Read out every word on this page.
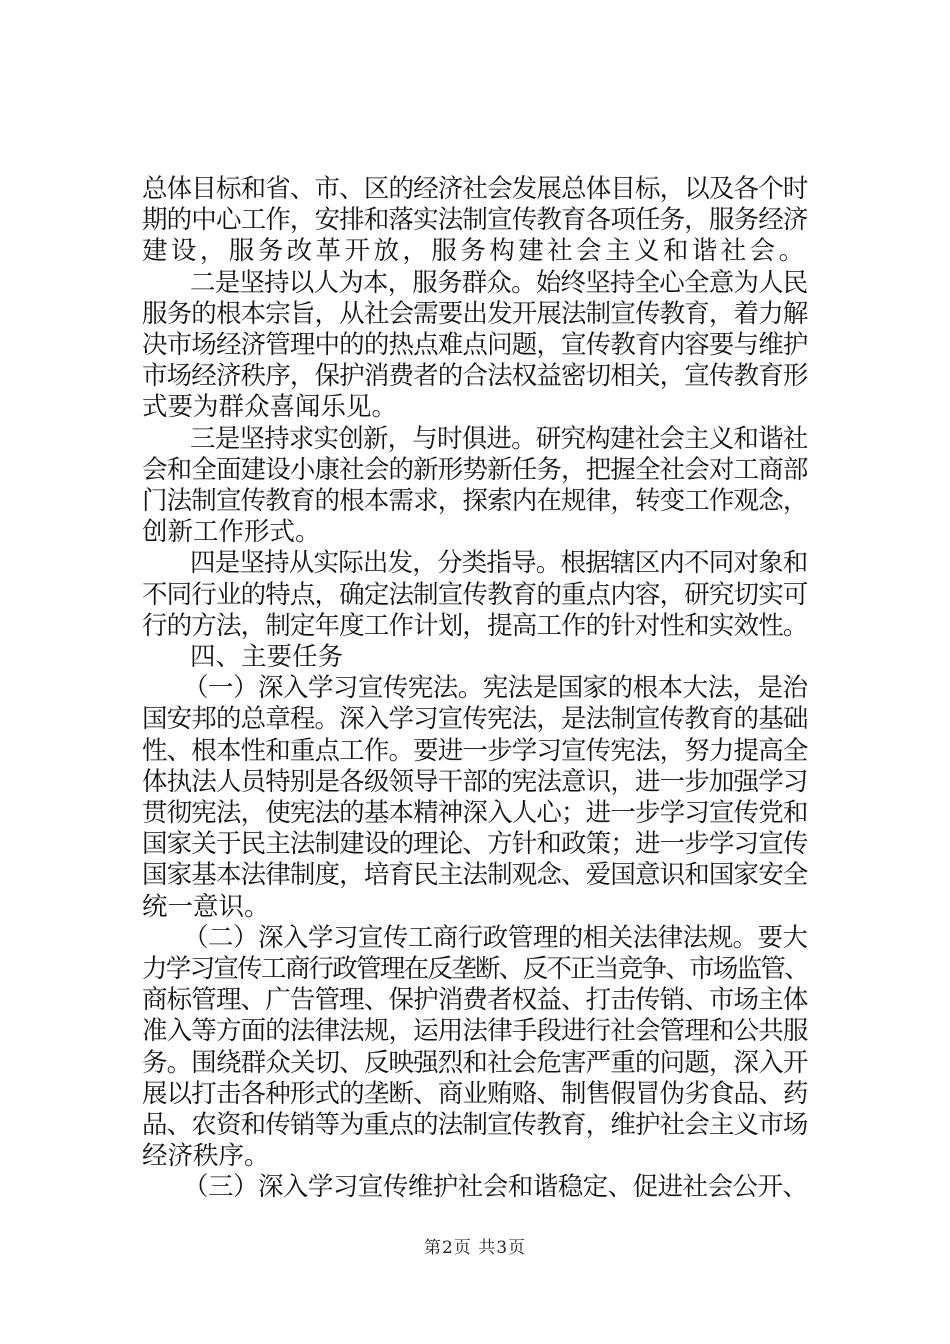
总体目标和省、市、区的经济社会发展总体目标，以及各个时
期的中心工作，安排和落实法制宣传教育各项任务，服务经济
建设，服务改革开放，服务构建社会主义和谐社会。
二是坚持以人为本，服务群众。始终坚持全心全意为人民
服务的根本宗旨，从社会需要出发开展法制宣传教育，着力解
决市场经济管理中的的热点难点问题，宣传教育内容要与维护
市场经济秩序，保护消费者的合法权益密切相关，宣传教育形
式要为群众喜闻乐见。
三是坚持求实创新，与时俱进。研究构建社会主义和谐社
会和全面建设小康社会的新形势新任务，把握全社会对工商部
门法制宣传教育的根本需求，探索内在规律，转变工作观念，
创新工作形式。
四是坚持从实际出发，分类指导。根据辖区内不同对象和
不同行业的特点，确定法制宣传教育的重点内容，研究切实可
行的方法，制定年度工作计划，提高工作的针对性和实效性。
四、主要任务
（一）深入学习宣传宪法。宪法是国家的根本大法，是治
国安邦的总章程。深入学习宣传宪法，是法制宣传教育的基础
性、根本性和重点工作。要进一步学习宣传宪法，努力提高全
体执法人员特别是各级领导干部的宪法意识，进一步加强学习
贯彻宪法，使宪法的基本精神深入人心；进一步学习宣传党和
国家关于民主法制建设的理论、方针和政策；进一步学习宣传
国家基本法律制度，培育民主法制观念、爱国意识和国家安全
统一意识。
（二）深入学习宣传工商行政管理的相关法律法规。要大
力学习宣传工商行政管理在反垄断、反不正当竞争、市场监管、
商标管理、广告管理、保护消费者权益、打击传销、市场主体
准入等方面的法律法规，运用法律手段进行社会管理和公共服
务。围绕群众关切、反映强烈和社会危害严重的问题，深入开
展以打击各种形式的垄断、商业贿赂、制售假冒伪劣食品、药
品、农资和传销等为重点的法制宣传教育，维护社会主义市场
经济秩序。
（三）深入学习宣传维护社会和谐稳定、促进社会公开、
第2页 共3页
